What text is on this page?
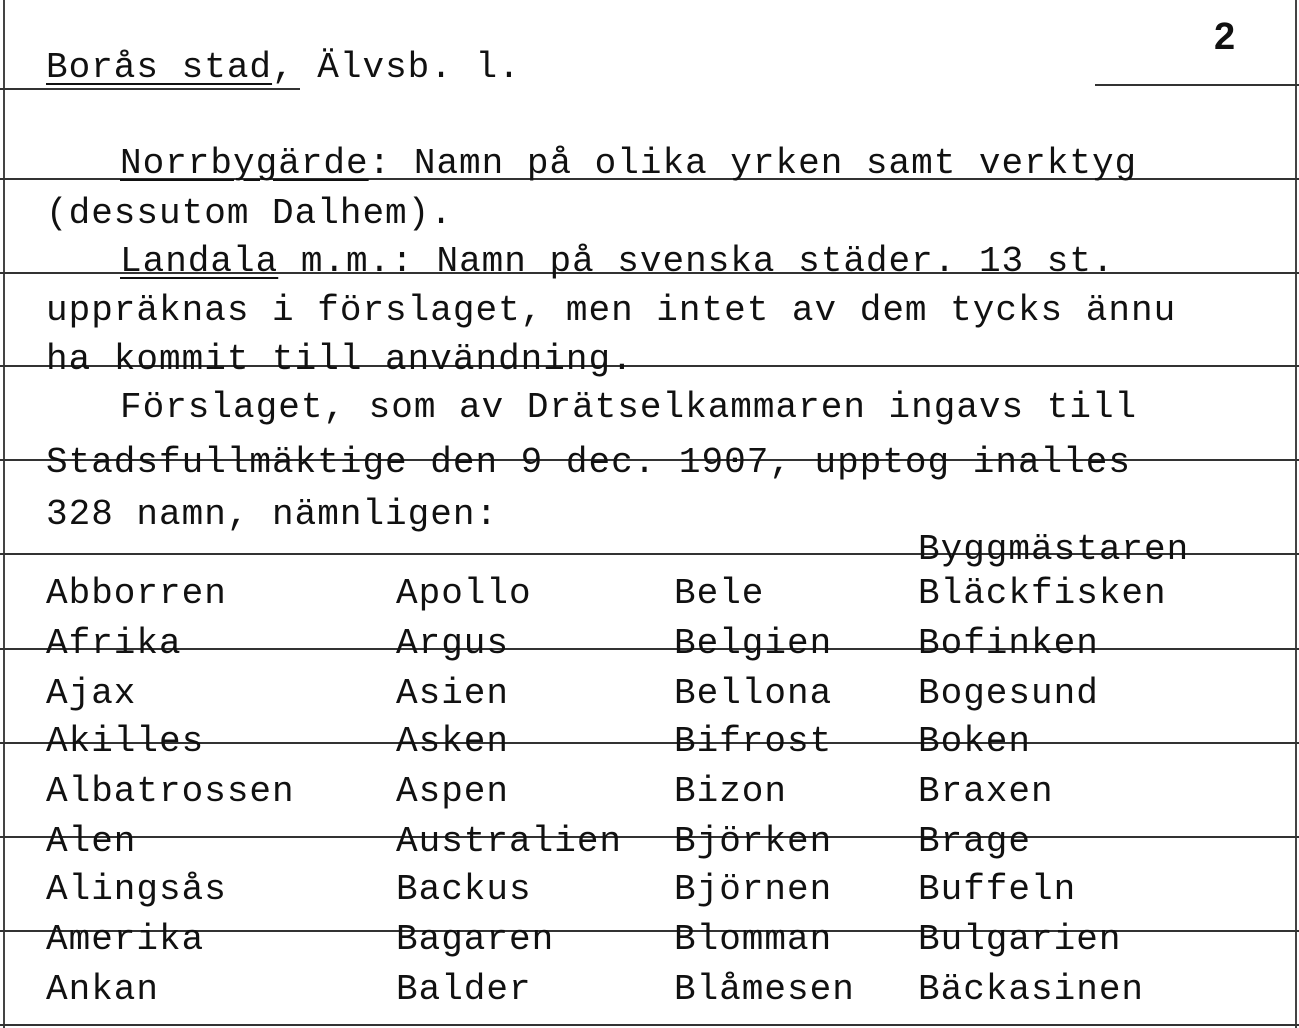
2
Borås stad, Älvsb. l.
Norrbygärde: Namn på olika yrken samt verktyg
(dessutom Dalhem).
Landala m.m.: Namn på svenska städer. 13 st.
uppräknas i förslaget, men intet av dem tycks ännu
ha kommit till användning.
Förslaget, som av Drätselkammaren ingavs till
Stadsfullmäktige den 9 dec. 1907, upptog inalles
328 namn, nämnligen:
Byggmästaren
Abborren
Afrika
Ajax
Akilles
Albatrossen
Alen
Alingsås
Amerika
Ankan
Apollo
Argus
Asien
Asken
Aspen
Australien
Backus
Bagaren
Balder
Bele
Belgien
Bellona
Bifrost
Bizon
Björken
Björnen
Blomman
Blåmesen
Bläckfisken
Bofinken
Bogesund
Boken
Braxen
Brage
Buffeln
Bulgarien
Bäckasinen
